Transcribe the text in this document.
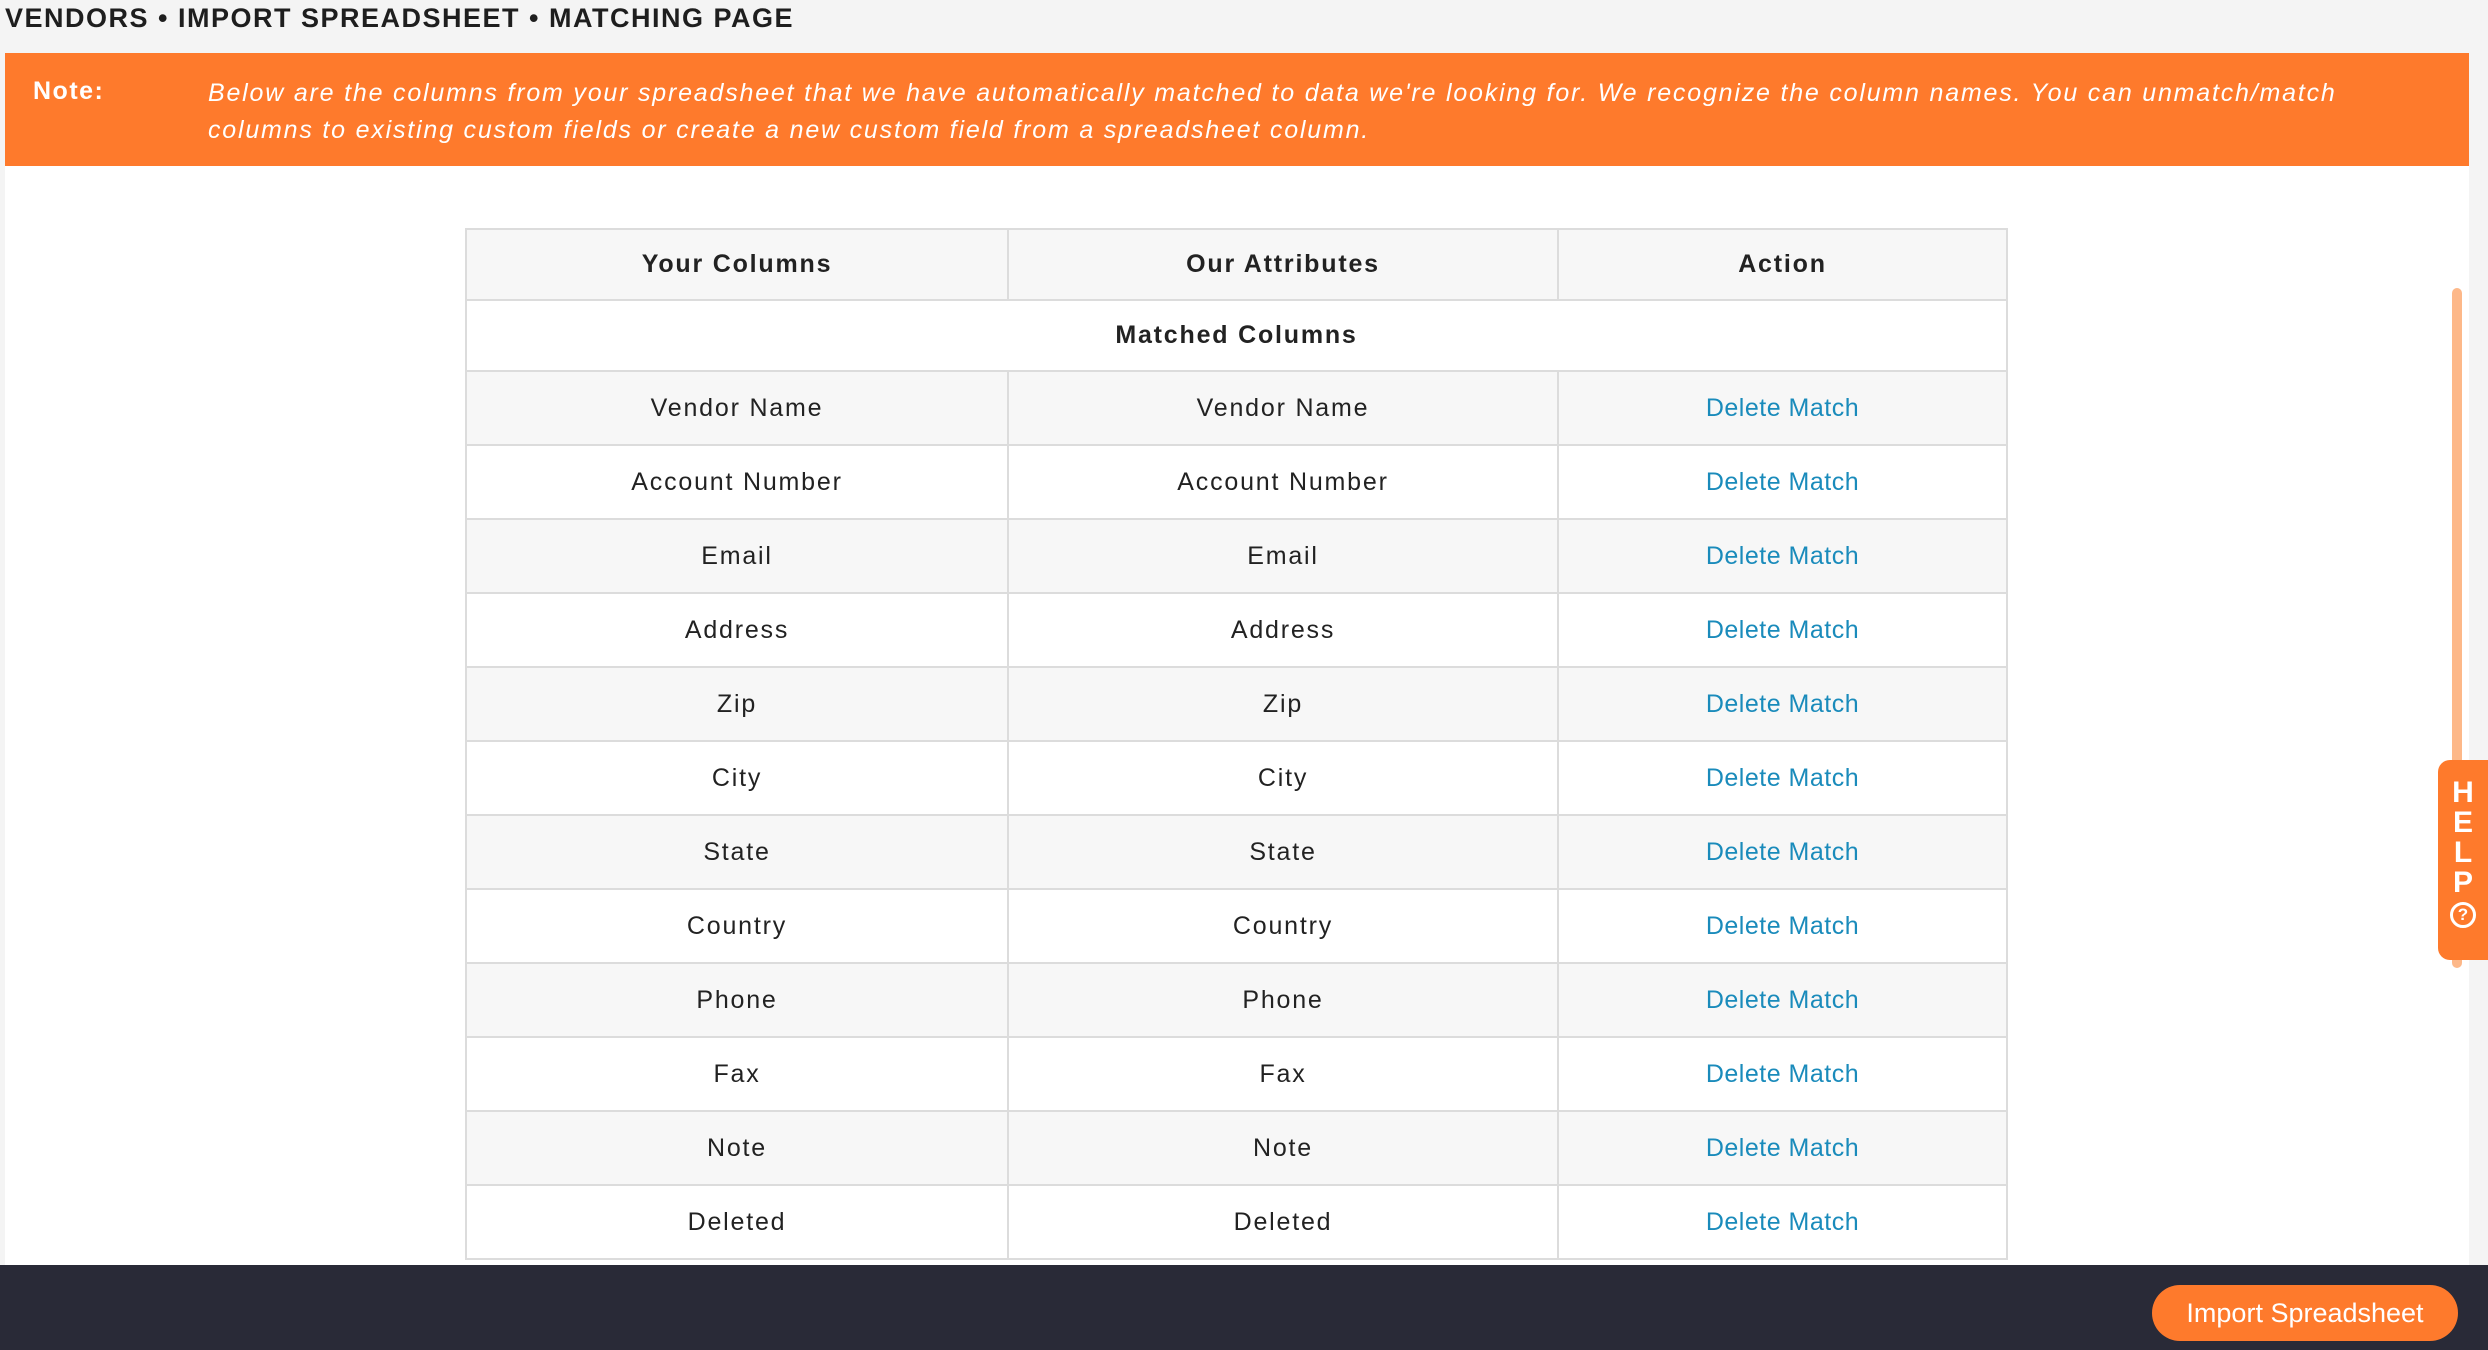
VENDORS • IMPORT SPREADSHEET • MATCHING PAGE
Note:	Below are the columns from your spreadsheet that we have automatically matched to data we're looking for. We recognize the column names. You can unmatch/match columns to existing custom fields or create a new custom field from a spreadsheet column.
Your Columns	Our Attributes	Action
Matched Columns		
Vendor Name	Vendor Name	Delete Match
Account Number	Account Number	Delete Match
Email	Email	Delete Match
Address	Address	Delete Match
Zip	Zip	Delete Match
City	City	Delete Match
State	State	Delete Match
Country	Country	Delete Match
Phone	Phone	Delete Match
Fax	Fax	Delete Match
Note	Note	Delete Match
Deleted	Deleted	Delete Match
H
E
L
P
?
Import Spreadsheet
